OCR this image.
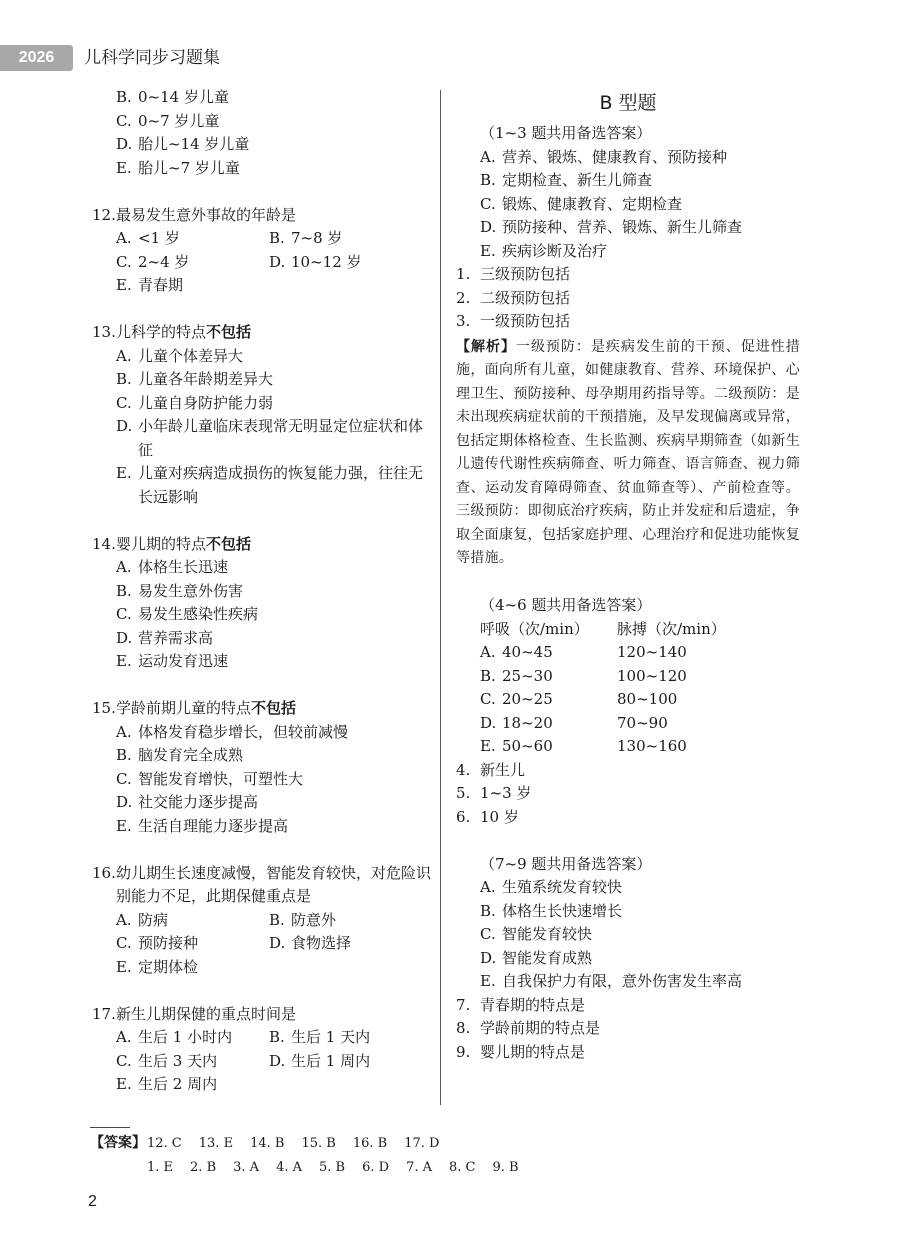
2026	儿科学同步习题集
B. 0~14 岁儿童
C. 0~7 岁儿童
D. 胎儿~14 岁儿童
E. 胎儿~7 岁儿童
12. 最易发生意外事故的年龄是
A. <1 岁	B. 7~8 岁
C. 2~4 岁	D. 10~12 岁
E. 青春期
13. 儿科学的特点不包括
A. 儿童个体差异大
B. 儿童各年龄期差异大
C. 儿童自身防护能力弱
D. 小年龄儿童临床表现常无明显定位症状和体征
E. 儿童对疾病造成损伤的恢复能力强，往往无长远影响
14. 婴儿期的特点不包括
A. 体格生长迅速
B. 易发生意外伤害
C. 易发生感染性疾病
D. 营养需求高
E. 运动发育迅速
15. 学龄前期儿童的特点不包括
A. 体格发育稳步增长，但较前减慢
B. 脑发育完全成熟
C. 智能发育增快，可塑性大
D. 社交能力逐步提高
E. 生活自理能力逐步提高
16. 幼儿期生长速度减慢，智能发育较快，对危险识别能力不足，此期保健重点是
A. 防病	B. 防意外
C. 预防接种	D. 食物选择
E. 定期体检
17. 新生儿期保健的重点时间是
A. 生后 1 小时内 B. 生后 1 天内
C. 生后 3 天内	D. 生后 1 周内
E. 生后 2 周内
B 型题
（1~3 题共用备选答案）
A. 营养、锻炼、健康教育、预防接种
B. 定期检查、新生儿筛查
C. 锻炼、健康教育、定期检查
D. 预防接种、营养、锻炼、新生儿筛查
E. 疾病诊断及治疗
1. 三级预防包括
2. 二级预防包括
3. 一级预防包括
【解析】一级预防：是疾病发生前的干预、促进性措施，面向所有儿童，如健康教育、营养、环境保护、心理卫生、预防接种、母孕期用药指导等。二级预防：是未出现疾病症状前的干预措施，及早发现偏离或异常，包括定期体格检查、生长监测、疾病早期筛查（如新生儿遗传代谢性疾病筛查、听力筛查、语言筛查、视力筛查、运动发育障碍筛查、贫血筛查等）、产前检查等。三级预防：即彻底治疗疾病，防止并发症和后遗症，争取全面康复，包括家庭护理、心理治疗和促进功能恢复等措施。
（4~6 题共用备选答案）
呼吸（次/min）	脉搏（次/min）
A. 40~45	120~140
B. 25~30	100~120
C. 20~25	80~100
D. 18~20	70~90
E. 50~60	130~160
4. 新生儿
5. 1~3 岁
6. 10 岁
（7~9 题共用备选答案）
A. 生殖系统发育较快
B. 体格生长快速增长
C. 智能发育较快
D. 智能发育成熟
E. 自我保护力有限，意外伤害发生率高
7. 青春期的特点是
8. 学龄前期的特点是
9. 婴儿期的特点是
【答案】12. C 13. E 14. B 15. B 16. B 17. D
1. E 2. B 3. A 4. A 5. B 6. D 7. A 8. C 9. B
2
